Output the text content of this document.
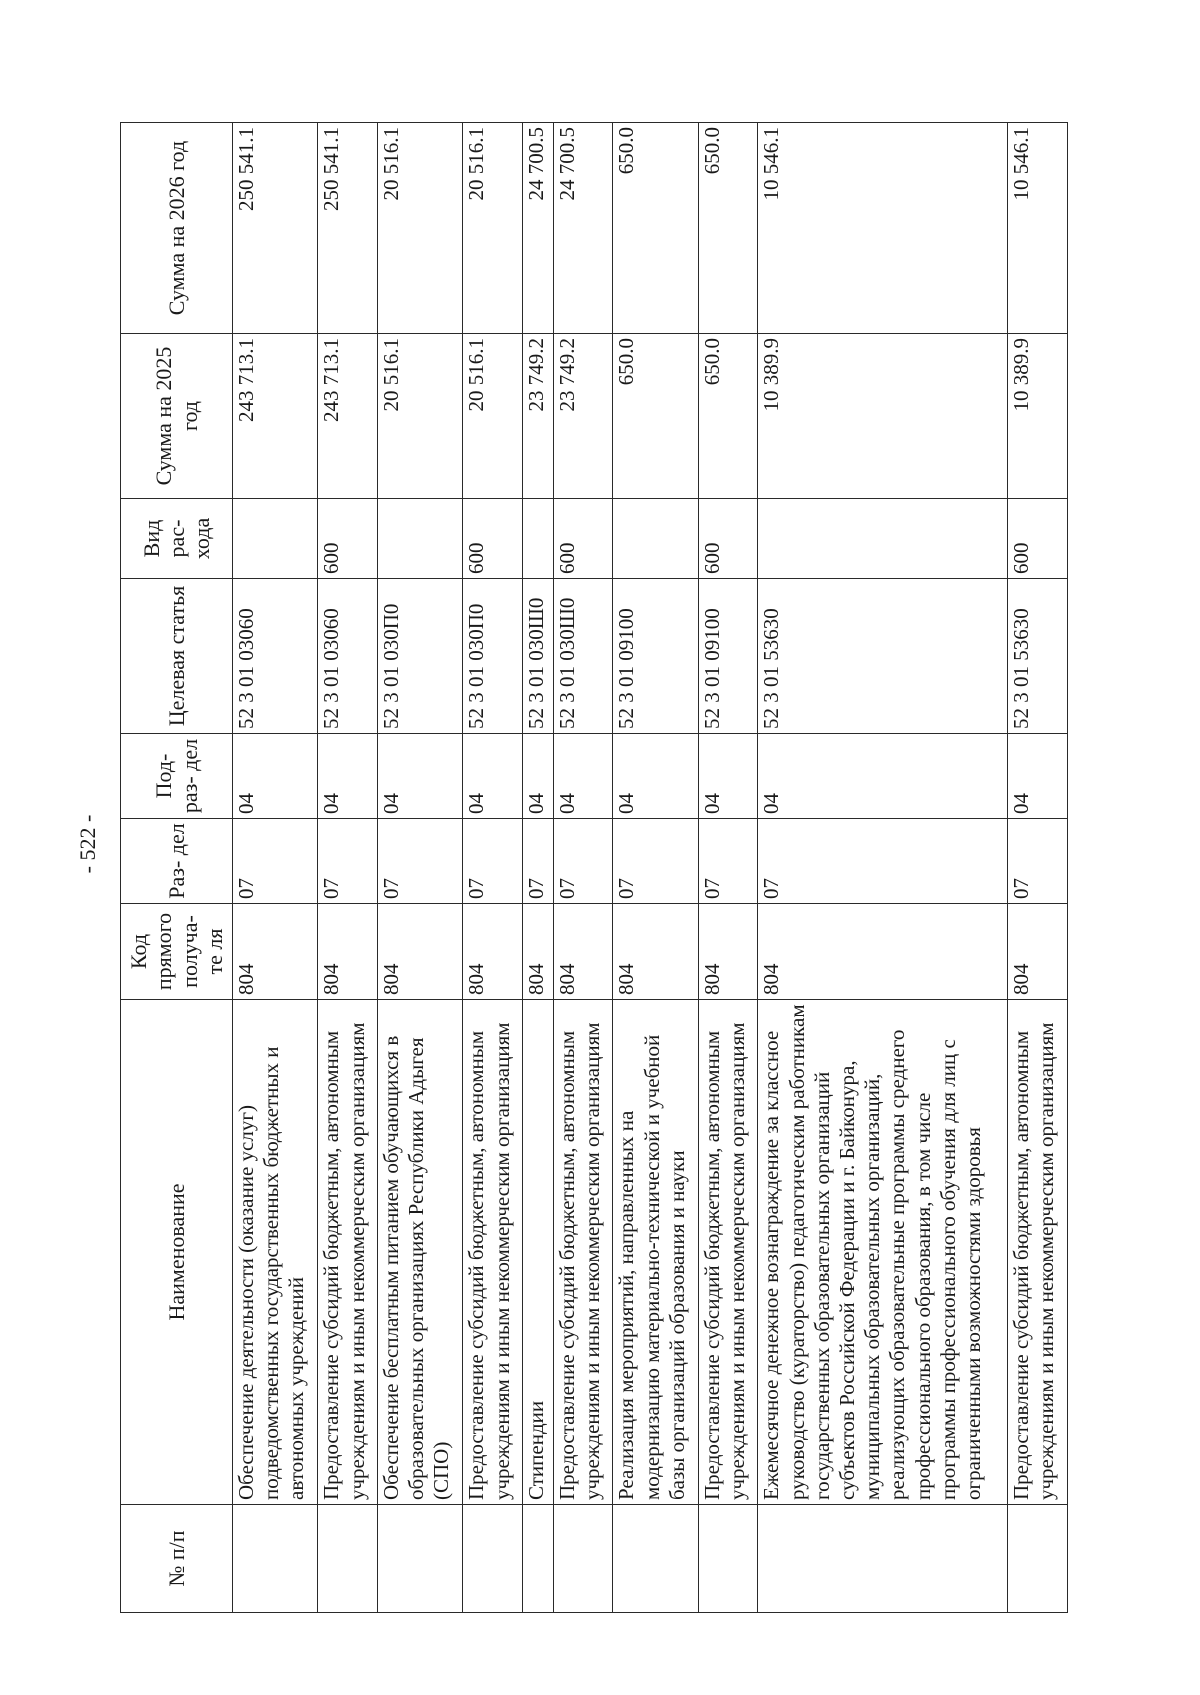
- 522 -
№ п/п	Наименование	Код прямого получа-те ля	Раз- дел	Под- раз- дел	Целевая статья	Вид рас- хода	Сумма на 2025 год	Сумма на 2026 год
	Обеспечение деятельности (оказание услуг) подведомственных государственных бюджетных и автономных учреждений	804	07	04	52 3 01 03060		243 713.1	250 541.1
	Предоставление субсидий бюджетным, автономным учреждениям и иным некоммерческим организациям	804	07	04	52 3 01 03060	600	243 713.1	250 541.1
	Обеспечение бесплатным питанием обучающихся в образовательных организациях Республики Адыгея (СПО)	804	07	04	52 3 01 030П0		20 516.1	20 516.1
	Предоставление субсидий бюджетным, автономным учреждениям и иным некоммерческим организациям	804	07	04	52 3 01 030П0	600	20 516.1	20 516.1
	Стипендии	804	07	04	52 3 01 030Ш0		23 749.2	24 700.5
	Предоставление субсидий бюджетным, автономным учреждениям и иным некоммерческим организациям	804	07	04	52 3 01 030Ш0	600	23 749.2	24 700.5
	Реализация мероприятий, направленных на модернизацию материально-технической и учебной базы организаций образования и науки	804	07	04	52 3 01 09100		650.0	650.0
	Предоставление субсидий бюджетным, автономным учреждениям и иным некоммерческим организациям	804	07	04	52 3 01 09100	600	650.0	650.0
	Ежемесячное денежное вознаграждение за классное руководство (кураторство) педагогическим работникам государственных образовательных организаций субъектов Российской Федерации и г. Байконура, муниципальных образовательных организаций, реализующих образовательные программы среднего профессионального образования, в том числе программы профессионального обучения для лиц с ограниченными возможностями здоровья	804	07	04	52 3 01 53630		10 389.9	10 546.1
	Предоставление субсидий бюджетным, автономным учреждениям и иным некоммерческим организациям	804	07	04	52 3 01 53630	600	10 389.9	10 546.1
